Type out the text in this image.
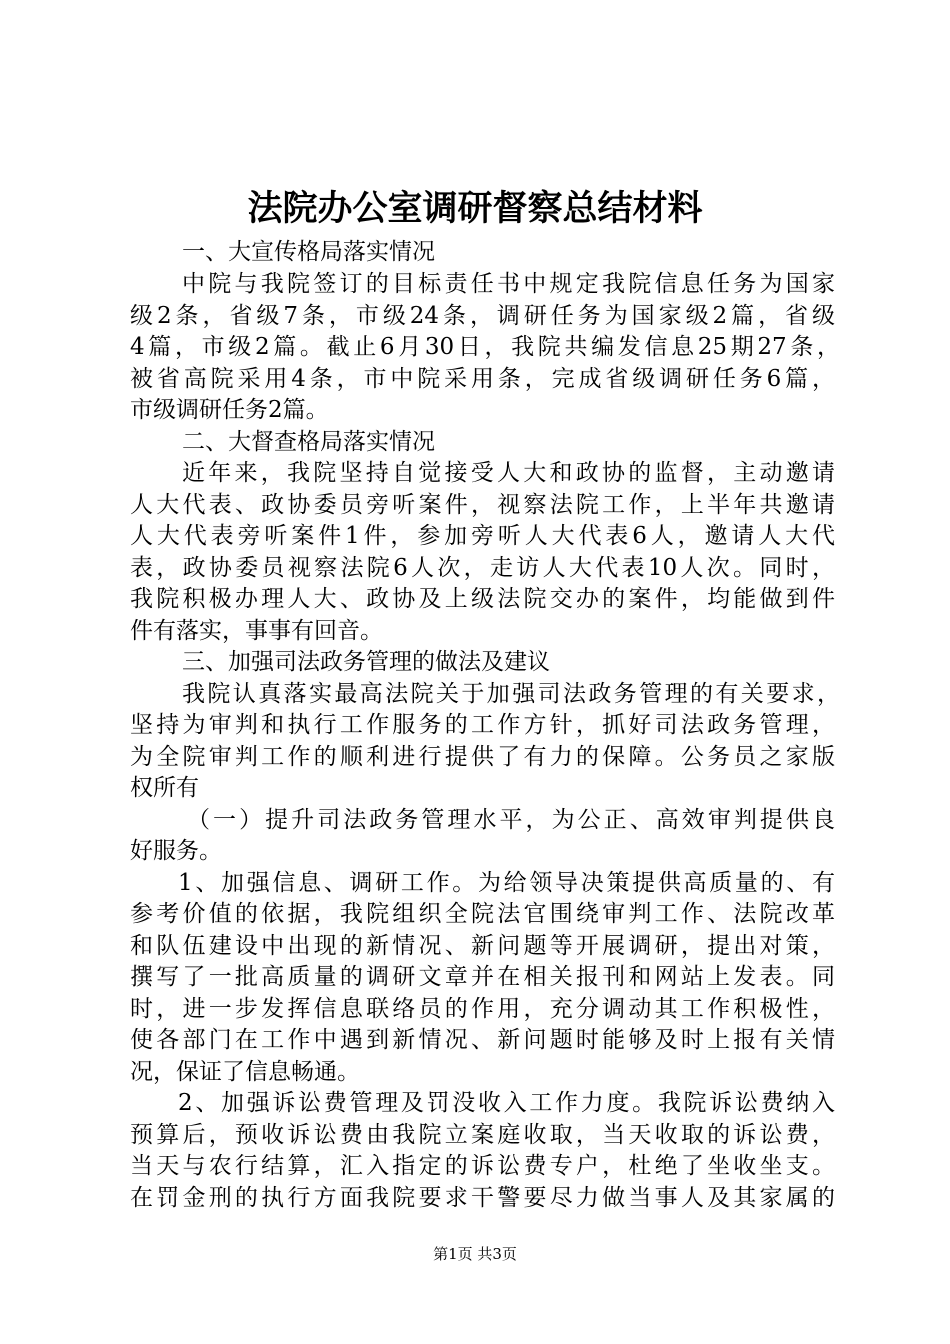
法院办公室调研督察总结材料
一、大宣传格局落实情况
中院与我院签订的目标责任书中规定我院信息任务为国家
级2条，省级7条，市级24条，调研任务为国家级2篇，省级
4篇，市级2篇。截止6月30日，我院共编发信息25期27条，
被省高院采用4条，市中院采用条，完成省级调研任务6篇，
市级调研任务2篇。
二、大督查格局落实情况
近年来，我院坚持自觉接受人大和政协的监督，主动邀请
人大代表、政协委员旁听案件，视察法院工作，上半年共邀请
人大代表旁听案件1件，参加旁听人大代表6人，邀请人大代
表，政协委员视察法院6人次，走访人大代表10人次。同时，
我院积极办理人大、政协及上级法院交办的案件，均能做到件
件有落实，事事有回音。
三、加强司法政务管理的做法及建议
我院认真落实最高法院关于加强司法政务管理的有关要求，
坚持为审判和执行工作服务的工作方针，抓好司法政务管理，
为全院审判工作的顺利进行提供了有力的保障。公务员之家版
权所有
（一）提升司法政务管理水平，为公正、高效审判提供良
好服务。
1、加强信息、调研工作。为给领导决策提供高质量的、有
参考价值的依据，我院组织全院法官围绕审判工作、法院改革
和队伍建设中出现的新情况、新问题等开展调研，提出对策，
撰写了一批高质量的调研文章并在相关报刊和网站上发表。同
时，进一步发挥信息联络员的作用，充分调动其工作积极性，
使各部门在工作中遇到新情况、新问题时能够及时上报有关情
况，保证了信息畅通。
2、加强诉讼费管理及罚没收入工作力度。我院诉讼费纳入
预算后，预收诉讼费由我院立案庭收取，当天收取的诉讼费，
当天与农行结算，汇入指定的诉讼费专户，杜绝了坐收坐支。
在罚金刑的执行方面我院要求干警要尽力做当事人及其家属的
第1页 共3页
